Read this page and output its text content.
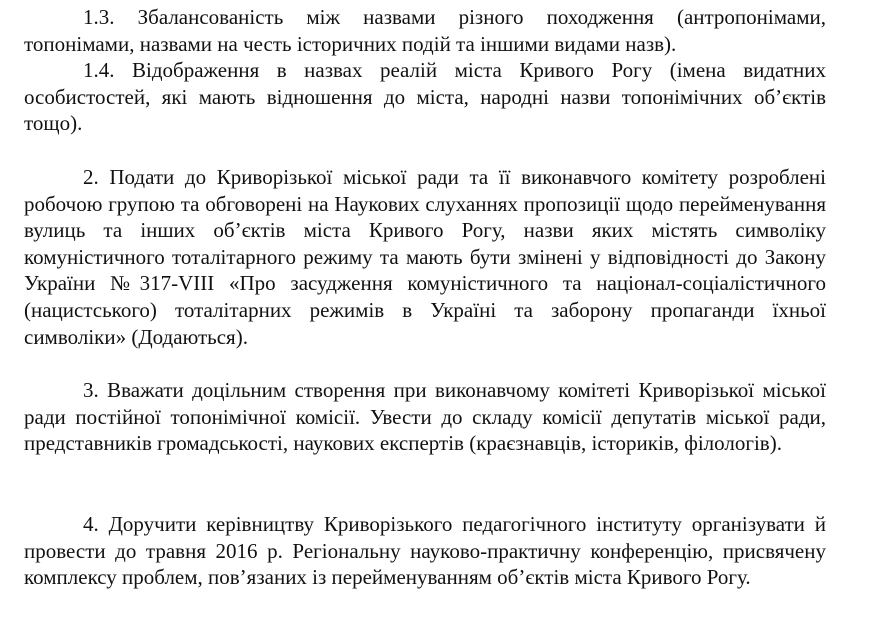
1.3. Збалансованість між назвами різного походження (антропонімами, топонімами, назвами на честь історичних подій та іншими видами назв).

1.4. Відображення в назвах реалій міста Кривого Рогу (імена видатних особистостей, які мають відношення до міста, народні назви топонімічних об’єктів тощо).

2. Подати до Криворізької міської ради та її виконавчого комітету розроблені робочою групою та обговорені на Наукових слуханнях пропозиції щодо перейменування вулиць та інших об’єктів міста Кривого Рогу, назви яких містять символіку комуністичного тоталітарного режиму та мають бути змінені у відповідності до Закону України №317-VIII «Про засудження комуністичного та націонал-соціалістичного (нацистського) тоталітарних режимів в Україні та заборону пропаганди їхньої символіки» (Додаються).

3. Вважати доцільним створення при виконавчому комітеті Криворізької міської ради постійної топонімічної комісії. Увести до складу комісії депутатів міської ради, представників громадськості, наукових експертів (краєзнавців, істориків, філологів).

4. Доручити керівництву Криворізького педагогічного інституту організувати й провести до травня 2016 р. Регіональну науково-практичну конференцію, присвячену комплексу проблем, пов’язаних із перейменуванням об’єктів міста Кривого Рогу.
